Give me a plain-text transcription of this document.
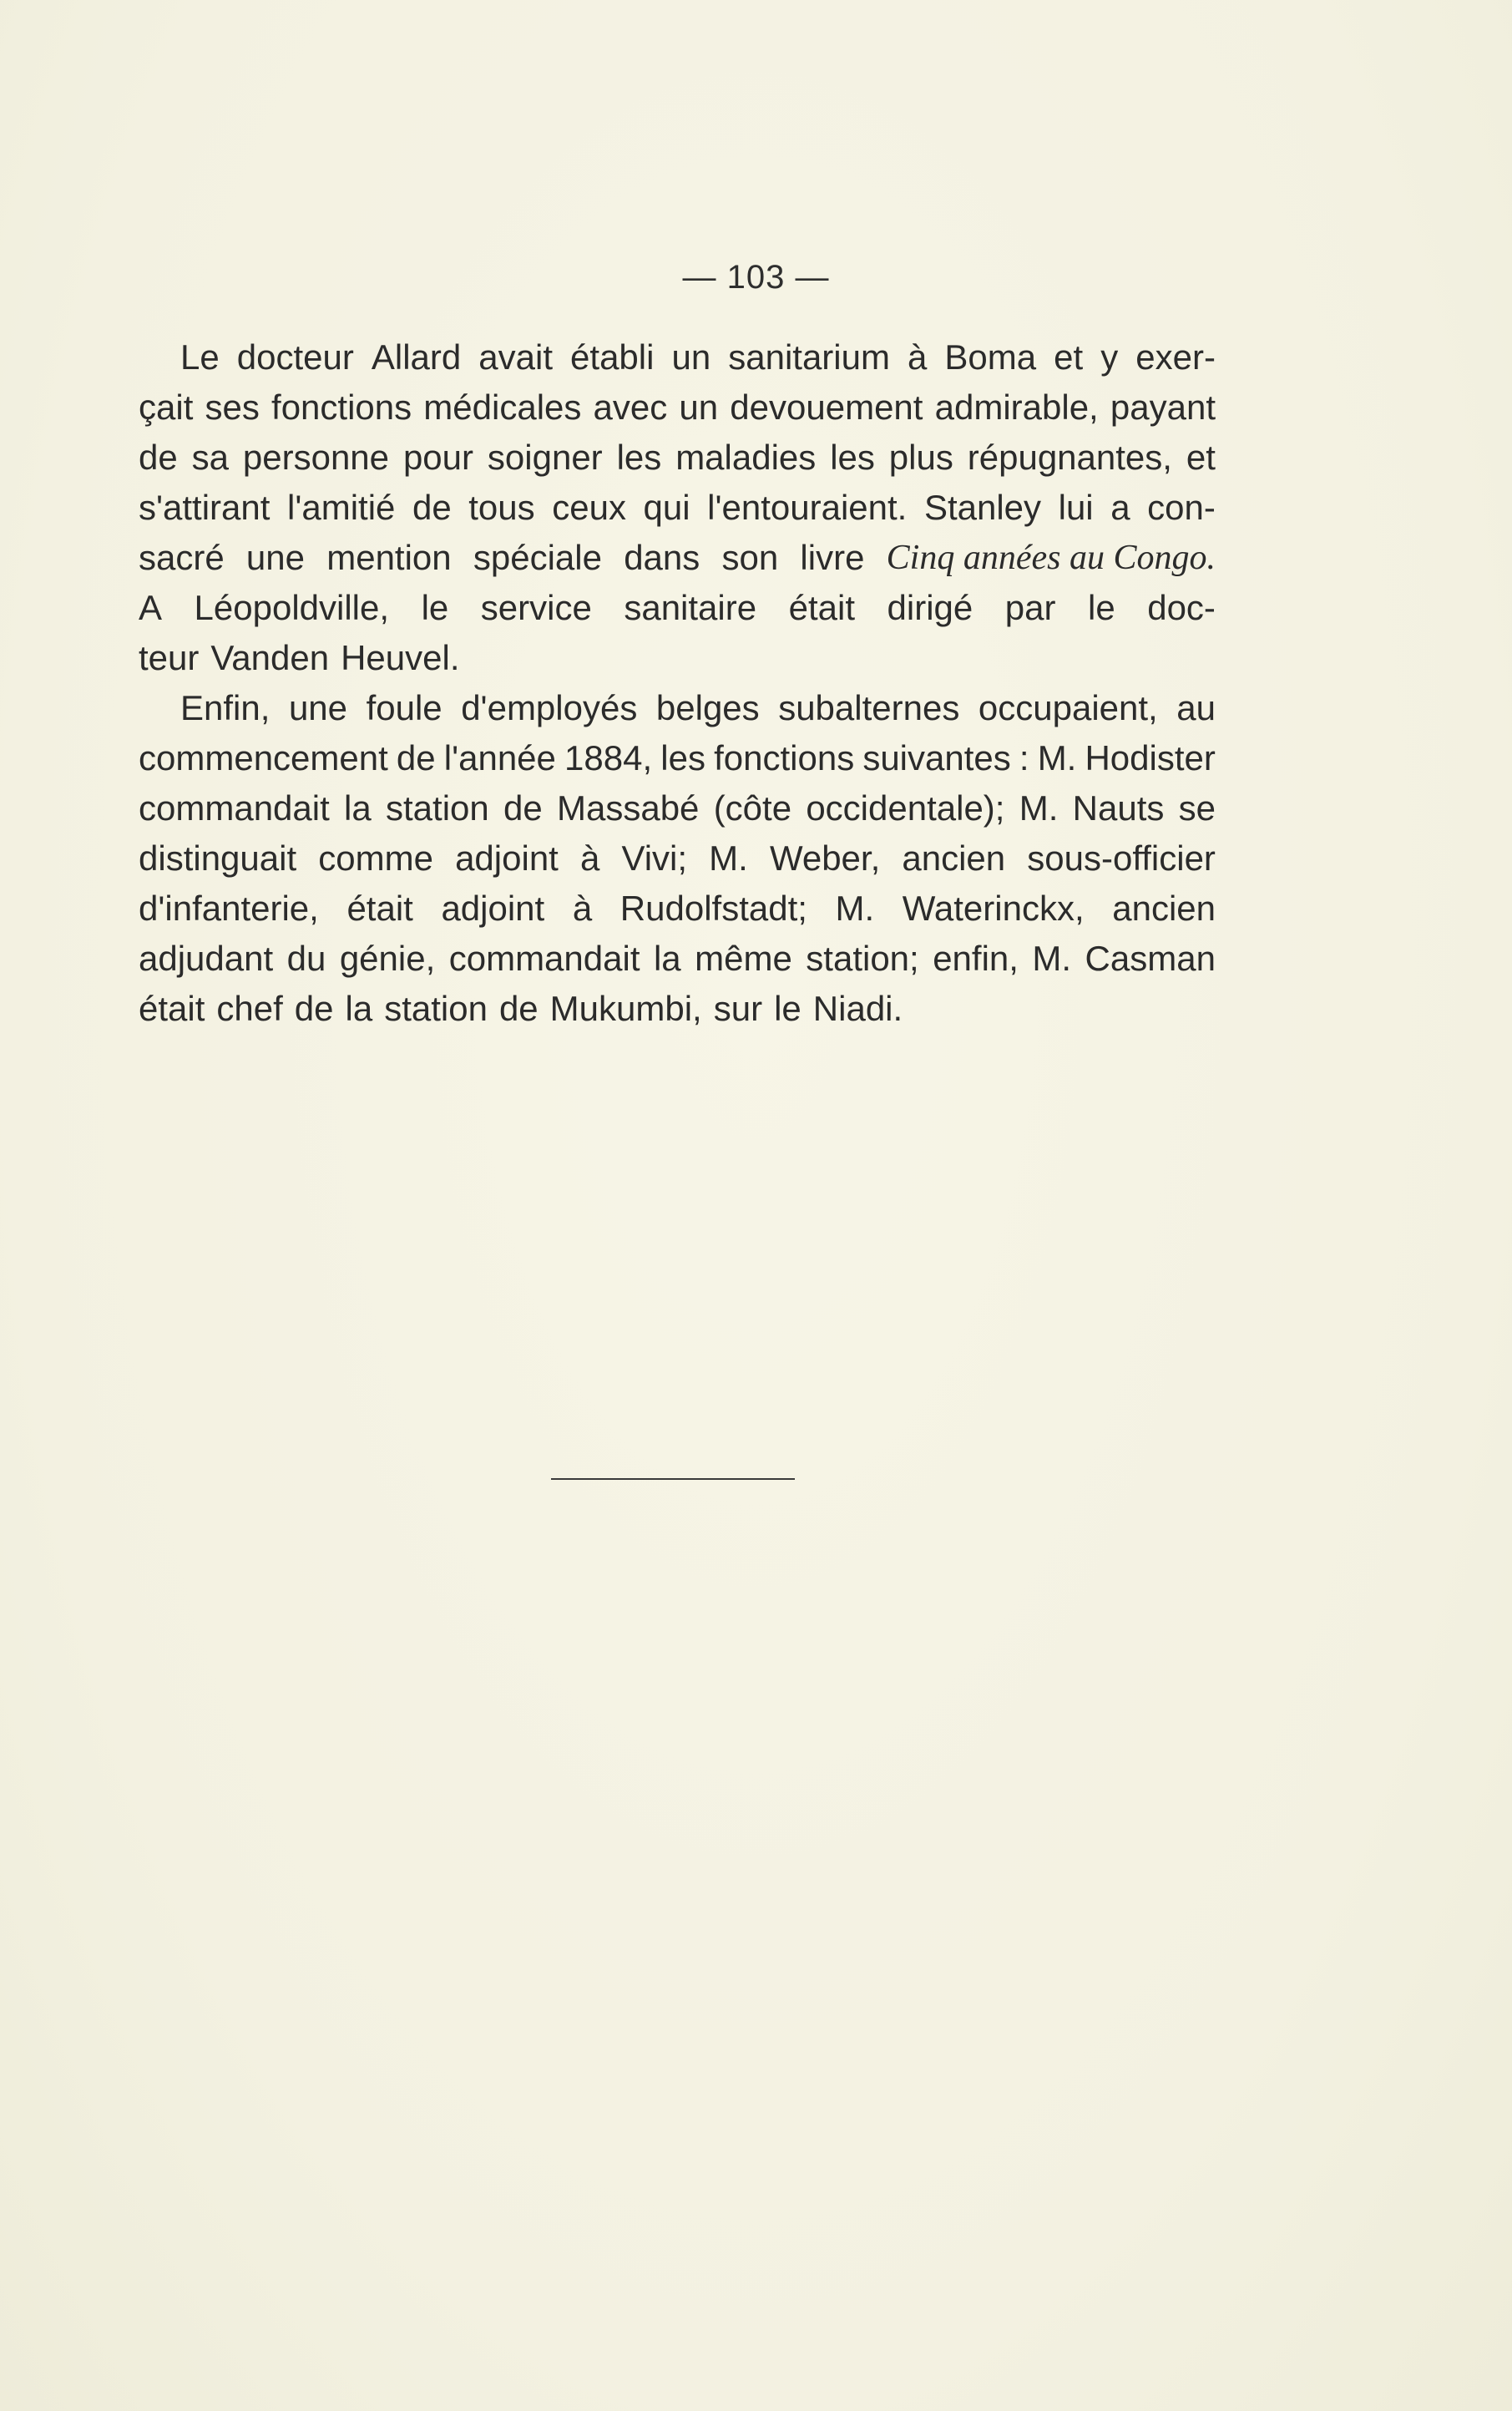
— 103 —
Le docteur Allard avait établi un sanitarium à Boma et y exer-
çait ses fonctions médicales avec un devouement admirable, payant
de sa personne pour soigner les maladies les plus répugnantes, et
s'attirant l'amitié de tous ceux qui l'entouraient. Stanley lui a con-
sacré une mention spéciale dans son livre Cinq années au Congo.
A Léopoldville, le service sanitaire était dirigé par le doc-
teur Vanden Heuvel.
Enfin, une foule d'employés belges subalternes occupaient, au
commencement de l'année 1884, les fonctions suivantes : M. Hodister
commandait la station de Massabé (côte occidentale); M. Nauts se
distinguait comme adjoint à Vivi; M. Weber, ancien sous-officier
d'infanterie, était adjoint à Rudolfstadt; M. Waterinckx, ancien
adjudant du génie, commandait la même station; enfin, M. Casman
était chef de la station de Mukumbi, sur le Niadi.
